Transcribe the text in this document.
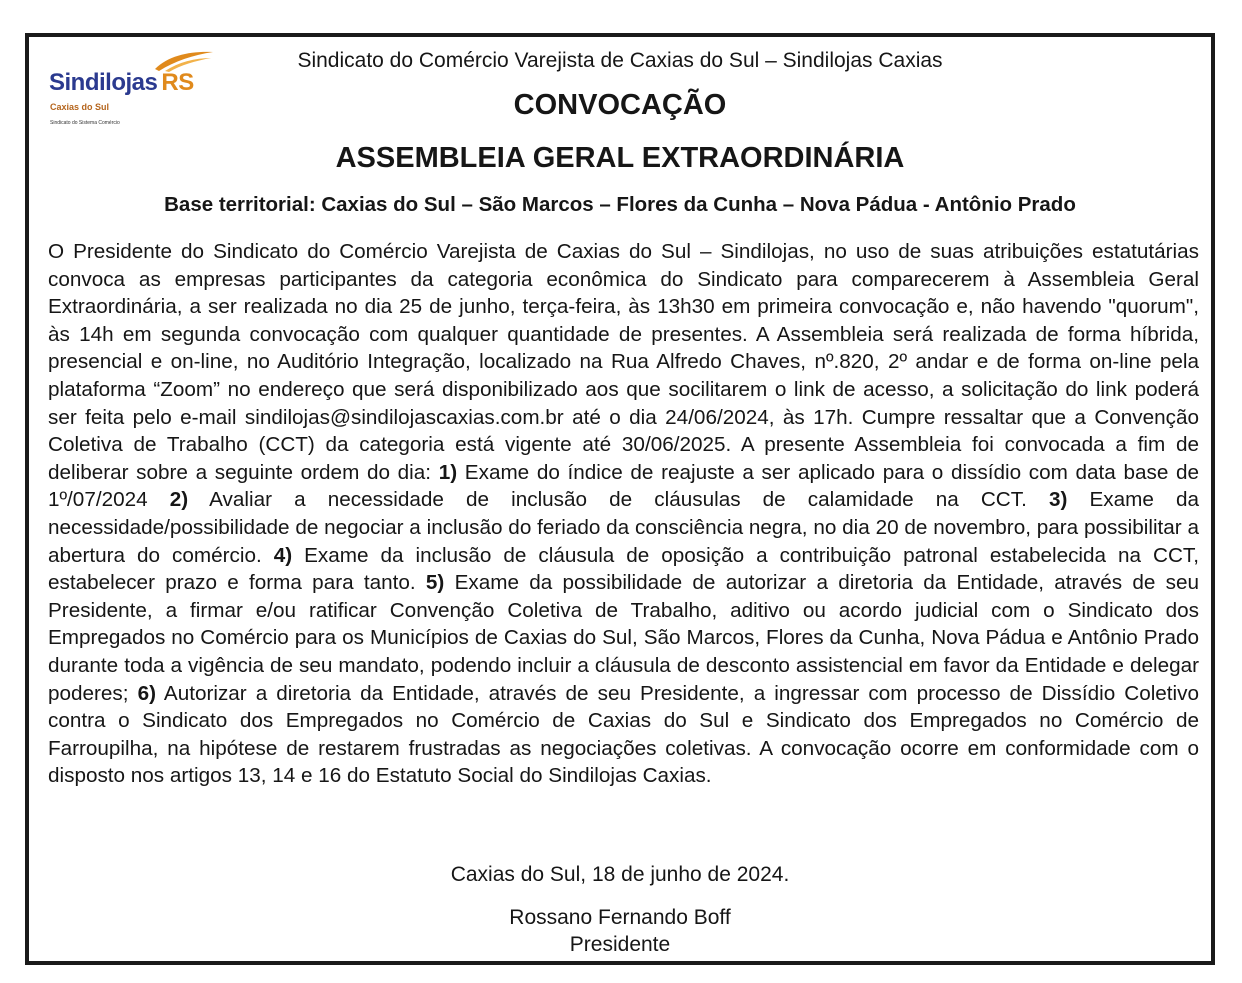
Sindilojas RS
Caxias do Sul
Sindicato do Sistema Comércio
Sindicato do Comércio Varejista de Caxias do Sul – Sindilojas Caxias
CONVOCAÇÃO
ASSEMBLEIA GERAL EXTRAORDINÁRIA
Base territorial: Caxias do Sul – São Marcos – Flores da Cunha – Nova Pádua - Antônio Prado
O Presidente do Sindicato do Comércio Varejista de Caxias do Sul – Sindilojas, no uso de suas atribuições estatutárias convoca as empresas participantes da categoria econômica do Sindicato para comparecerem à Assembleia Geral Extraordinária, a ser realizada no dia 25 de junho, terça-feira, às 13h30 em primeira convocação e, não havendo "quorum", às 14h em segunda convocação com qualquer quantidade de presentes. A Assembleia será realizada de forma híbrida, presencial e on-line, no Auditório Integração, localizado na Rua Alfredo Chaves, nº.820, 2º andar e de forma on-line pela plataforma “Zoom” no endereço que será disponibilizado aos que socilitarem o link de acesso, a solicitação do link poderá ser feita pelo e-mail sindilojas@sindilojascaxias.com.br até o dia 24/06/2024, às 17h. Cumpre ressaltar que a Convenção Coletiva de Trabalho (CCT) da categoria está vigente até 30/06/2025. A presente Assembleia foi convocada a fim de deliberar sobre a seguinte ordem do dia: 1) Exame do índice de reajuste a ser aplicado para o dissídio com data base de 1º/07/2024 2) Avaliar a necessidade de inclusão de cláusulas de calamidade na CCT. 3) Exame da necessidade/possibilidade de negociar a inclusão do feriado da consciência negra, no dia 20 de novembro, para possibilitar a abertura do comércio. 4) Exame da inclusão de cláusula de oposição a contribuição patronal estabelecida na CCT, estabelecer prazo e forma para tanto. 5) Exame da possibilidade de autorizar a diretoria da Entidade, através de seu Presidente, a firmar e/ou ratificar Convenção Coletiva de Trabalho, aditivo ou acordo judicial com o Sindicato dos Empregados no Comércio para os Municípios de Caxias do Sul, São Marcos, Flores da Cunha, Nova Pádua e Antônio Prado durante toda a vigência de seu mandato, podendo incluir a cláusula de desconto assistencial em favor da Entidade e delegar poderes; 6) Autorizar a diretoria da Entidade, através de seu Presidente, a ingressar com processo de Dissídio Coletivo contra o Sindicato dos Empregados no Comércio de Caxias do Sul e Sindicato dos Empregados no Comércio de Farroupilha, na hipótese de restarem frustradas as negociações coletivas. A convocação ocorre em conformidade com o disposto nos artigos 13, 14 e 16 do Estatuto Social do Sindilojas Caxias.
Caxias do Sul, 18 de junho de 2024.
Rossano Fernando Boff
Presidente
